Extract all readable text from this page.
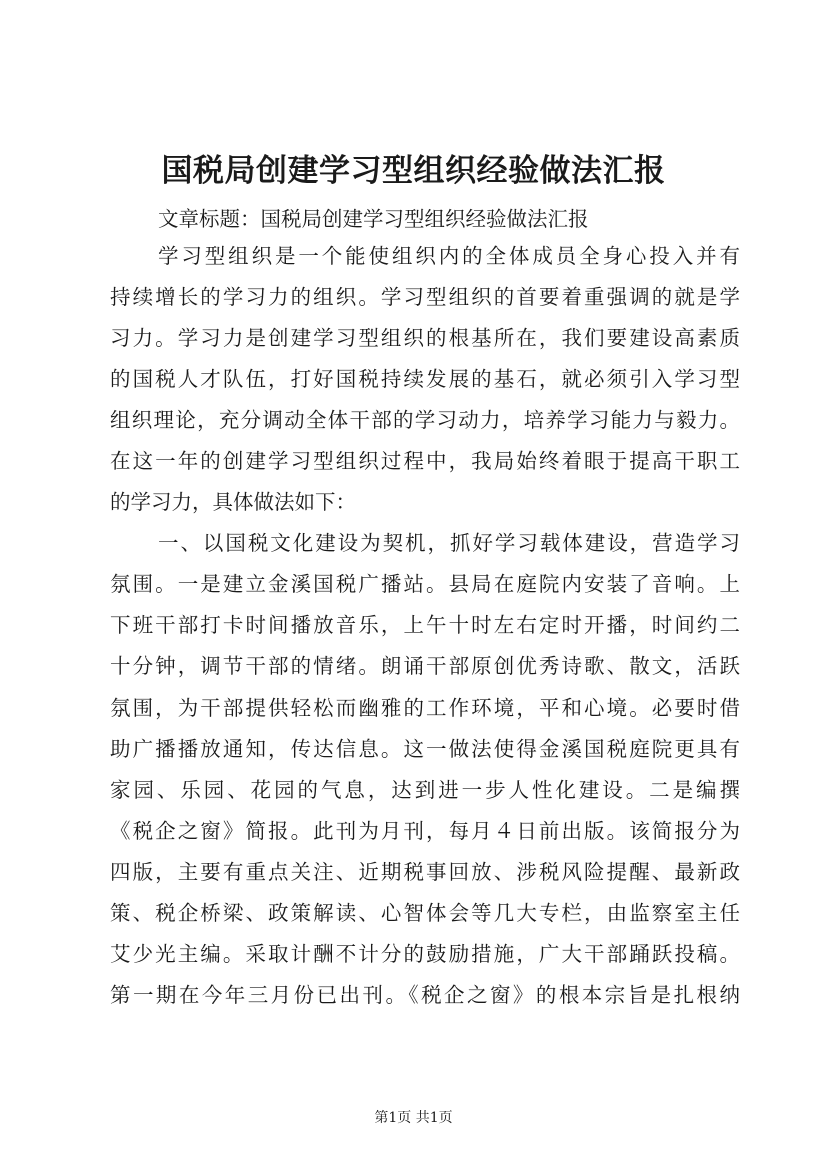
国税局创建学习型组织经验做法汇报
文章标题：国税局创建学习型组织经验做法汇报
学习型组织是一个能使组织内的全体成员全身心投入并有
持续增长的学习力的组织。学习型组织的首要着重强调的就是学
习力。学习力是创建学习型组织的根基所在，我们要建设高素质
的国税人才队伍，打好国税持续发展的基石，就必须引入学习型
组织理论，充分调动全体干部的学习动力，培养学习能力与毅力。
在这一年的创建学习型组织过程中，我局始终着眼于提高干职工
的学习力，具体做法如下：
一、以国税文化建设为契机，抓好学习载体建设，营造学习
氛围。一是建立金溪国税广播站。县局在庭院内安装了音响。上
下班干部打卡时间播放音乐，上午十时左右定时开播，时间约二
十分钟，调节干部的情绪。朗诵干部原创优秀诗歌、散文，活跃
氛围，为干部提供轻松而幽雅的工作环境，平和心境。必要时借
助广播播放通知，传达信息。这一做法使得金溪国税庭院更具有
家园、乐园、花园的气息，达到进一步人性化建设。二是编撰
《税企之窗》简报。此刊为月刊，每月４日前出版。该简报分为
四版，主要有重点关注、近期税事回放、涉税风险提醒、最新政
策、税企桥梁、政策解读、心智体会等几大专栏，由监察室主任
艾少光主编。采取计酬不计分的鼓励措施，广大干部踊跃投稿。
第一期在今年三月份已出刊。《税企之窗》的根本宗旨是扎根纳
第1页 共1页
